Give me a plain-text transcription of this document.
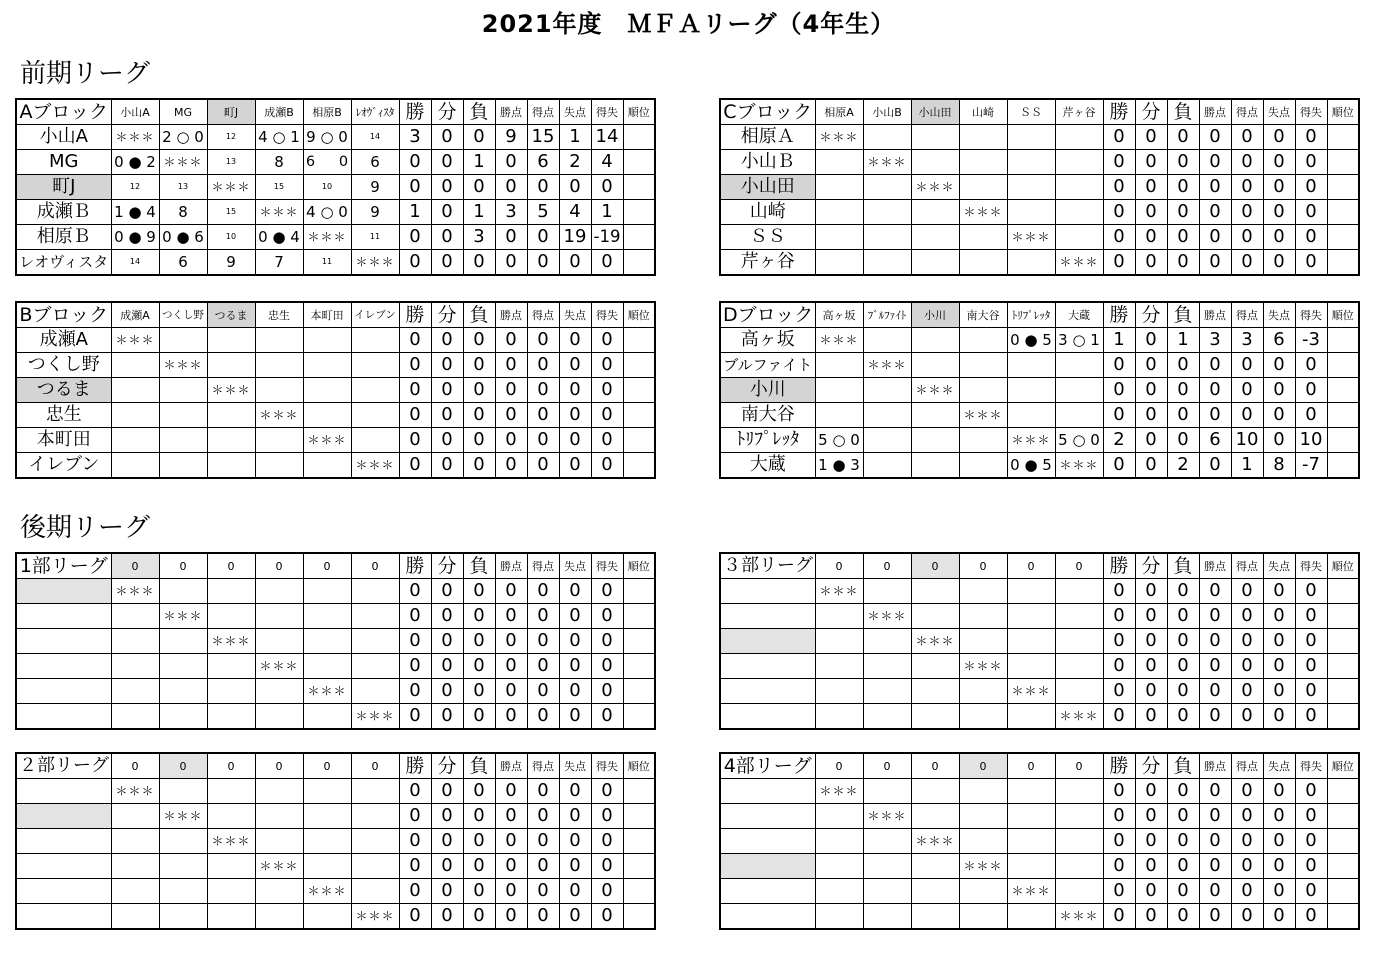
2021年度　ＭＦＡリーグ（4年生）
前期リーグ
Aブロック	小山A	MG	町J	成瀬B	相原B	ﾚｵｳﾞｨｽﾀ	勝	分	負	勝点	得点	失点	得失	順位
小山A	＊＊＊	2 ○ 0	12	4 ○ 1	9 ○ 0	14	3	0	0	9	15	1	14	
MG	0 ● 2	＊＊＊	13	8	6 　 0	6	0	0	1	0	6	2	4	
町J	12	13	＊＊＊	15	10	9	0	0	0	0	0	0	0	
成瀬Ｂ	1 ● 4	8	15	＊＊＊	4 ○ 0	9	1	0	1	3	5	4	1	
相原Ｂ	0 ● 9	0 ● 6	10	0 ● 4	＊＊＊	11	0	0	3	0	0	19	-19	
レオヴィスタ	14	6	9	7	11	＊＊＊	0	0	0	0	0	0	0	
Bブロック	成瀬A	つくし野	つるま	忠生	本町田	イレブン	勝	分	負	勝点	得点	失点	得失	順位
成瀬A	＊＊＊						0	0	0	0	0	0	0	
つくし野		＊＊＊					0	0	0	0	0	0	0	
つるま			＊＊＊				0	0	0	0	0	0	0	
忠生				＊＊＊			0	0	0	0	0	0	0	
本町田					＊＊＊		0	0	0	0	0	0	0	
イレブン						＊＊＊	0	0	0	0	0	0	0	
Cブロック	相原A	小山B	小山田	山崎	ＳＳ	芹ヶ谷	勝	分	負	勝点	得点	失点	得失	順位
相原Ａ	＊＊＊						0	0	0	0	0	0	0	
小山Ｂ		＊＊＊					0	0	0	0	0	0	0	
小山田			＊＊＊				0	0	0	0	0	0	0	
山崎				＊＊＊			0	0	0	0	0	0	0	
ＳＳ					＊＊＊		0	0	0	0	0	0	0	
芹ヶ谷						＊＊＊	0	0	0	0	0	0	0	
Dブロック	高ヶ坂	ﾌﾞﾙﾌｧｲﾄ	小川	南大谷	ﾄﾘﾌﾟﾚｯﾀ	大蔵	勝	分	負	勝点	得点	失点	得失	順位
高ヶ坂	＊＊＊				0 ● 5	3 ○ 1	1	0	1	3	3	6	-3	
ブルファイト		＊＊＊					0	0	0	0	0	0	0	
小川			＊＊＊				0	0	0	0	0	0	0	
南大谷				＊＊＊			0	0	0	0	0	0	0	
ﾄﾘﾌﾟﾚｯﾀ	5 ○ 0				＊＊＊	5 ○ 0	2	0	0	6	10	0	10	
大蔵	1 ● 3				0 ● 5	＊＊＊	0	0	2	0	1	8	-7	
後期リーグ
1部リーグ	0	0	0	0	0	0	勝	分	負	勝点	得点	失点	得失	順位
	＊＊＊						0	0	0	0	0	0	0	
		＊＊＊					0	0	0	0	0	0	0	
			＊＊＊				0	0	0	0	0	0	0	
				＊＊＊			0	0	0	0	0	0	0	
					＊＊＊		0	0	0	0	0	0	0	
						＊＊＊	0	0	0	0	0	0	0	
２部リーグ	0	0	0	0	0	0	勝	分	負	勝点	得点	失点	得失	順位
	＊＊＊						0	0	0	0	0	0	0	
		＊＊＊					0	0	0	0	0	0	0	
			＊＊＊				0	0	0	0	0	0	0	
				＊＊＊			0	0	0	0	0	0	0	
					＊＊＊		0	0	0	0	0	0	0	
						＊＊＊	0	0	0	0	0	0	0	
３部リーグ	0	0	0	0	0	0	勝	分	負	勝点	得点	失点	得失	順位
	＊＊＊						0	0	0	0	0	0	0	
		＊＊＊					0	0	0	0	0	0	0	
			＊＊＊				0	0	0	0	0	0	0	
				＊＊＊			0	0	0	0	0	0	0	
					＊＊＊		0	0	0	0	0	0	0	
						＊＊＊	0	0	0	0	0	0	0	
4部リーグ	0	0	0	0	0	0	勝	分	負	勝点	得点	失点	得失	順位
	＊＊＊						0	0	0	0	0	0	0	
		＊＊＊					0	0	0	0	0	0	0	
			＊＊＊				0	0	0	0	0	0	0	
				＊＊＊			0	0	0	0	0	0	0	
					＊＊＊		0	0	0	0	0	0	0	
						＊＊＊	0	0	0	0	0	0	0	
